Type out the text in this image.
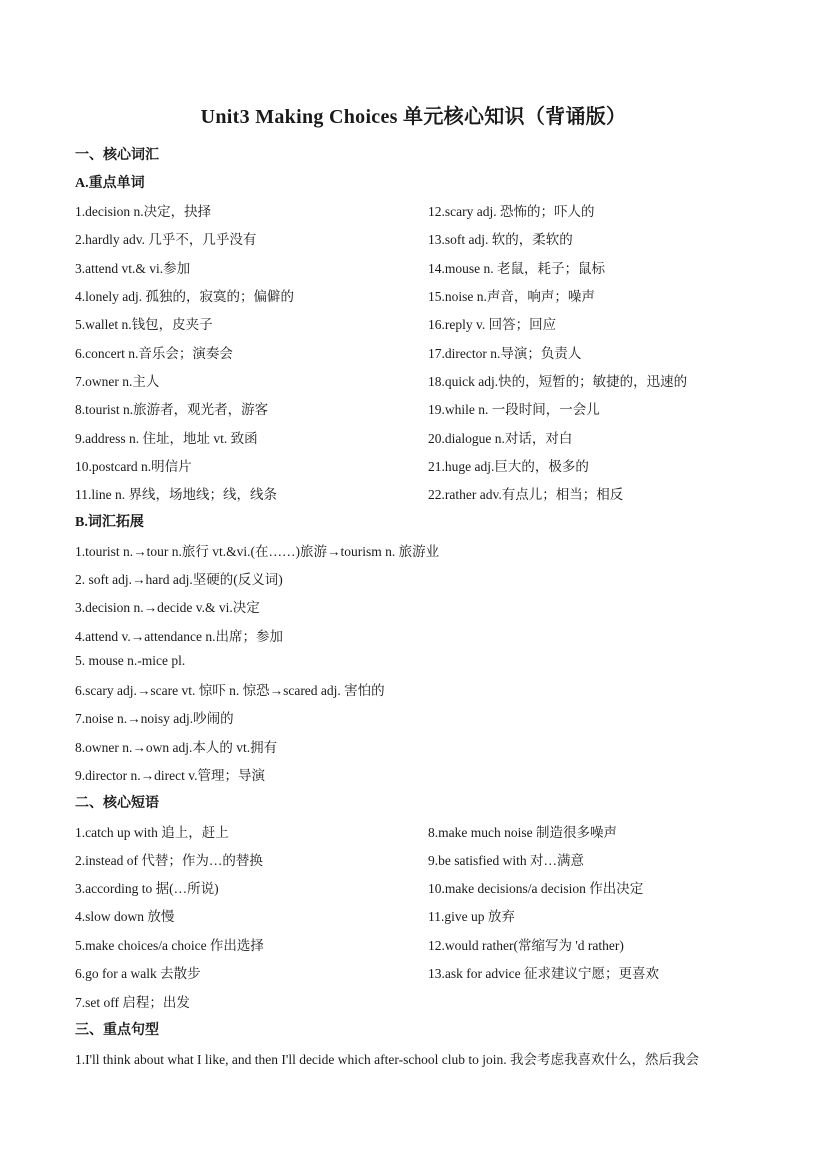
Unit3 Making Choices 单元核心知识（背诵版）
一、核心词汇
A.重点单词
1.decision n.决定，抉择
2.hardly adv. 几乎不，几乎没有
3.attend vt.& vi.参加
4.lonely adj. 孤独的，寂寞的；偏僻的
5.wallet n.钱包，皮夹子
6.concert n.音乐会；演奏会
7.owner n.主人
8.tourist n.旅游者，观光者，游客
9.address n. 住址，地址 vt. 致函
10.postcard n.明信片
11.line n. 界线，场地线；线，线条
12.scary adj. 恐怖的；吓人的
13.soft adj. 软的，柔软的
14.mouse n. 老鼠，耗子；鼠标
15.noise n.声音，响声；噪声
16.reply v. 回答；回应
17.director n.导演；负责人
18.quick adj.快的，短暂的；敏捷的，迅速的
19.while n. 一段时间，一会儿
20.dialogue n.对话，对白
21.huge adj.巨大的，极多的
22.rather adv.有点儿；相当；相反
B.词汇拓展
1.tourist n.→tour n.旅行 vt.&vi.(在……)旅游→tourism n. 旅游业
2. soft adj.→hard adj.坚硬的(反义词)
3.decision n.→decide v.& vi.决定
4.attend v.→attendance n.出席；参加
5. mouse n.-mice pl.
6.scary adj.→scare vt. 惊吓 n. 惊恐→scared adj. 害怕的
7.noise n.→noisy adj.吵闹的
8.owner n.→own adj.本人的 vt.拥有
9.director n.→direct v.管理；导演
二、核心短语
1.catch up with 追上，赶上
2.instead of 代替；作为…的替换
3.according to 据(…所说)
4.slow down 放慢
5.make choices/a choice 作出选择
6.go for a walk 去散步
7.set off 启程；出发
8.make much noise 制造很多噪声
9.be satisfied with 对…满意
10.make decisions/a decision 作出决定
11.give up 放弃
12.would rather(常缩写为 'd rather)
13.ask for advice 征求建议宁愿；更喜欢
三、重点句型
1.I'll think about what I like, and then I'll decide which after-school club to join. 我会考虑我喜欢什么，然后我会
